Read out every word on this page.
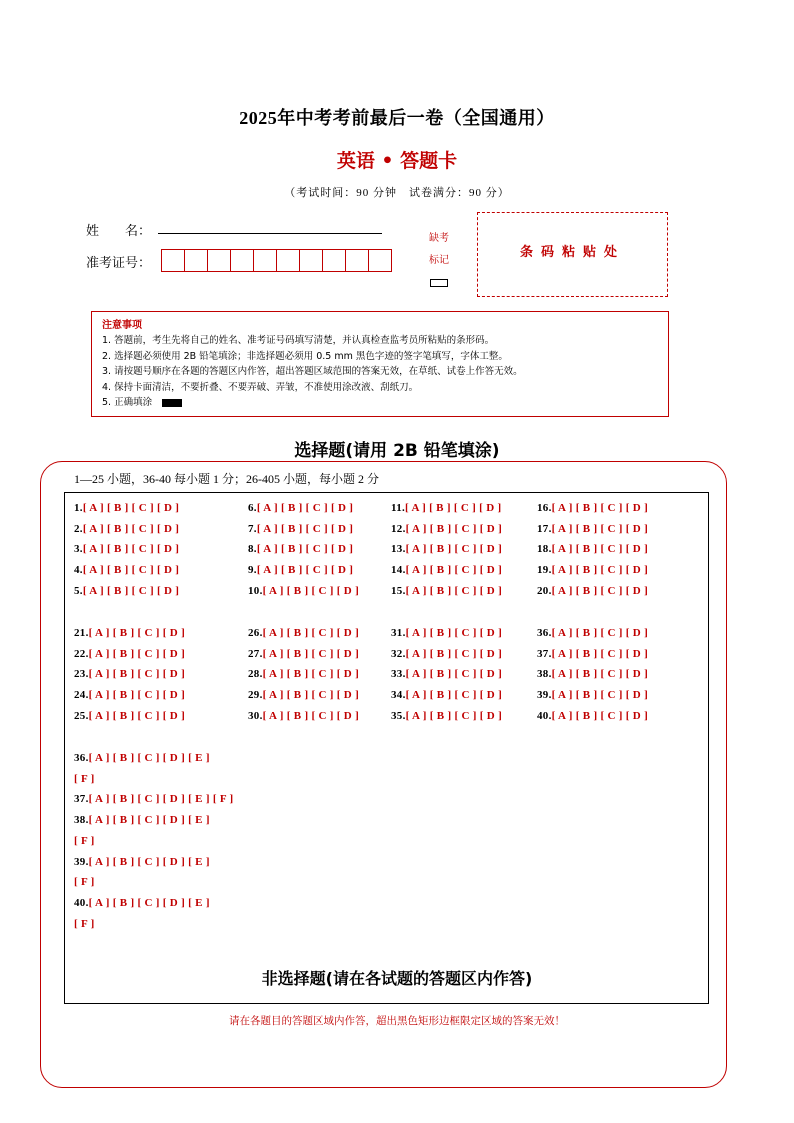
2025年中考考前最后一卷（全国通用）
英语 • 答题卡
（考试时间：90 分钟　试卷满分：90 分）
姓　　名：
准考证号：
缺考
标记
条码粘贴处
注意事项
1. 答题前，考生先将自己的姓名、准考证号码填写清楚，并认真检查监考员所粘贴的条形码。
2. 选择题必须使用 2B 铅笔填涂；非选择题必须用 0.5 mm 黑色字迹的签字笔填写，字体工整。
3. 请按题号顺序在各题的答题区内作答，超出答题区域范围的答案无效，在草纸、试卷上作答无效。
4. 保持卡面清洁，不要折叠、不要弄破、弄皱，不准使用涂改液、刮纸刀。
5. 正确填涂
选择题(请用 2B 铅笔填涂)
1—25 小题，36-40 每小题 1 分；26-405 小题，每小题 2 分
1.[ A ] [ B ] [ C ] [ D ]
2.[ A ] [ B ] [ C ] [ D ]
3.[ A ] [ B ] [ C ] [ D ]
4.[ A ] [ B ] [ C ] [ D ]
5.[ A ] [ B ] [ C ] [ D ]
6.[ A ] [ B ] [ C ] [ D ]
7.[ A ] [ B ] [ C ] [ D ]
8.[ A ] [ B ] [ C ] [ D ]
9.[ A ] [ B ] [ C ] [ D ]
10.[ A ] [ B ] [ C ] [ D ]
11.[ A ] [ B ] [ C ] [ D ]
12.[ A ] [ B ] [ C ] [ D ]
13.[ A ] [ B ] [ C ] [ D ]
14.[ A ] [ B ] [ C ] [ D ]
15.[ A ] [ B ] [ C ] [ D ]
16.[ A ] [ B ] [ C ] [ D ]
17.[ A ] [ B ] [ C ] [ D ]
18.[ A ] [ B ] [ C ] [ D ]
19.[ A ] [ B ] [ C ] [ D ]
20.[ A ] [ B ] [ C ] [ D ]
21.[ A ] [ B ] [ C ] [ D ]
22.[ A ] [ B ] [ C ] [ D ]
23.[ A ] [ B ] [ C ] [ D ]
24.[ A ] [ B ] [ C ] [ D ]
25.[ A ] [ B ] [ C ] [ D ]
26.[ A ] [ B ] [ C ] [ D ]
27.[ A ] [ B ] [ C ] [ D ]
28.[ A ] [ B ] [ C ] [ D ]
29.[ A ] [ B ] [ C ] [ D ]
30.[ A ] [ B ] [ C ] [ D ]
31.[ A ] [ B ] [ C ] [ D ]
32.[ A ] [ B ] [ C ] [ D ]
33.[ A ] [ B ] [ C ] [ D ]
34.[ A ] [ B ] [ C ] [ D ]
35.[ A ] [ B ] [ C ] [ D ]
36.[ A ] [ B ] [ C ] [ D ]
37.[ A ] [ B ] [ C ] [ D ]
38.[ A ] [ B ] [ C ] [ D ]
39.[ A ] [ B ] [ C ] [ D ]
40.[ A ] [ B ] [ C ] [ D ]
36.[ A ] [ B ] [ C ] [ D ] [ E ]
[ F ]
37.[ A ] [ B ] [ C ] [ D ] [ E ] [ F ]
38.[ A ] [ B ] [ C ] [ D ] [ E ]
[ F ]
39.[ A ] [ B ] [ C ] [ D ] [ E ]
[ F ]
40.[ A ] [ B ] [ C ] [ D ] [ E ]
[ F ]
非选择题(请在各试题的答题区内作答)
请在各题目的答题区域内作答，超出黑色矩形边框限定区域的答案无效！
